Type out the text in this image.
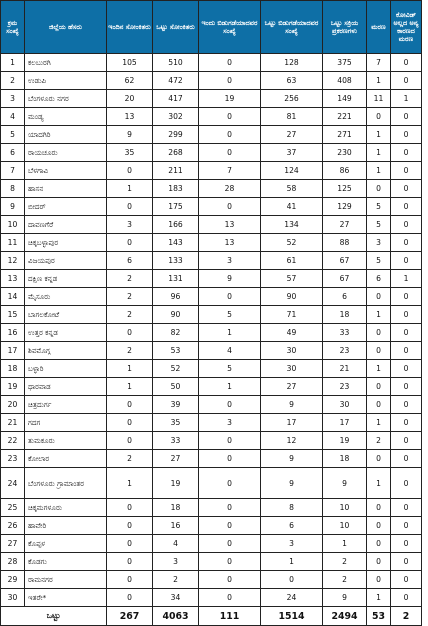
ಕ್ರಮ ಸಂಖ್ಯೆ	ಜಿಲ್ಲೆಯ ಹೆಸರು	ಇಂದಿನ ಸೋಂಕಿತರು	ಒಟ್ಟು ಸೋಂಕಿತರು	ಇಂದು ಬಿಡುಗಡೆಯಾದವರ ಸಂಖ್ಯೆ	ಒಟ್ಟು ಬಿಡುಗಡೆಯಾದವರ ಸಂಖ್ಯೆ	ಒಟ್ಟು ಸಕ್ರಿಯ ಪ್ರಕರಣಗಳು	ಮರಣ	ಕೋವಿಡ್ ಅಲ್ಲದ ಅನ್ಯ ಕಾರಣದ ಮರಣ
1	ಕಲಬುರಗಿ	105	510	0	128	375	7	0
2	ಉಡುಪಿ	62	472	0	63	408	1	0
3	ಬೆಂಗಳೂರು ನಗರ	20	417	19	256	149	11	1
4	ಮಂಡ್ಯ	13	302	0	81	221	0	0
5	ಯಾದಗಿರಿ	9	299	0	27	271	1	0
6	ರಾಯಚೂರು	35	268	0	37	230	1	0
7	ಬೆಳಗಾವಿ	0	211	7	124	86	1	0
8	ಹಾಸನ	1	183	28	58	125	0	0
9	ಬೀದರ್	0	175	0	41	129	5	0
10	ದಾವಣಗೆರೆ	3	166	13	134	27	5	0
11	ಚಿಕ್ಕಬಳ್ಳಾಪುರ	0	143	13	52	88	3	0
12	ವಿಜಯಪುರ	6	133	3	61	67	5	0
13	ದಕ್ಷಿಣ ಕನ್ನಡ	2	131	9	57	67	6	1
14	ಮೈಸೂರು	2	96	0	90	6	0	0
15	ಬಾಗಲಕೋಟೆ	2	90	5	71	18	1	0
16	ಉತ್ತರ ಕನ್ನಡ	0	82	1	49	33	0	0
17	ಶಿವಮೊಗ್ಗ	2	53	4	30	23	0	0
18	ಬಳ್ಳಾರಿ	1	52	5	30	21	1	0
19	ಧಾರವಾಡ	1	50	1	27	23	0	0
20	ಚಿತ್ರದುರ್ಗ	0	39	0	9	30	0	0
21	ಗದಗ	0	35	3	17	17	1	0
22	ತುಮಕೂರು	0	33	0	12	19	2	0
23	ಕೋಲಾರ	2	27	0	9	18	0	0
24	ಬೆಂಗಳೂರು ಗ್ರಾಮಾಂತರ	1	19	0	9	9	1	0
25	ಚಿಕ್ಕಮಗಳೂರು	0	18	0	8	10	0	0
26	ಹಾವೇರಿ	0	16	0	6	10	0	0
27	ಕೊಪ್ಪಳ	0	4	0	3	1	0	0
28	ಕೊಡಗು	0	3	0	1	2	0	0
29	ರಾಮನಗರ	0	2	0	0	2	0	0
30	ಇತರೇ*	0	34	0	24	9	1	0
ಒಟ್ಟು		267	4063	111	1514	2494	53	2
